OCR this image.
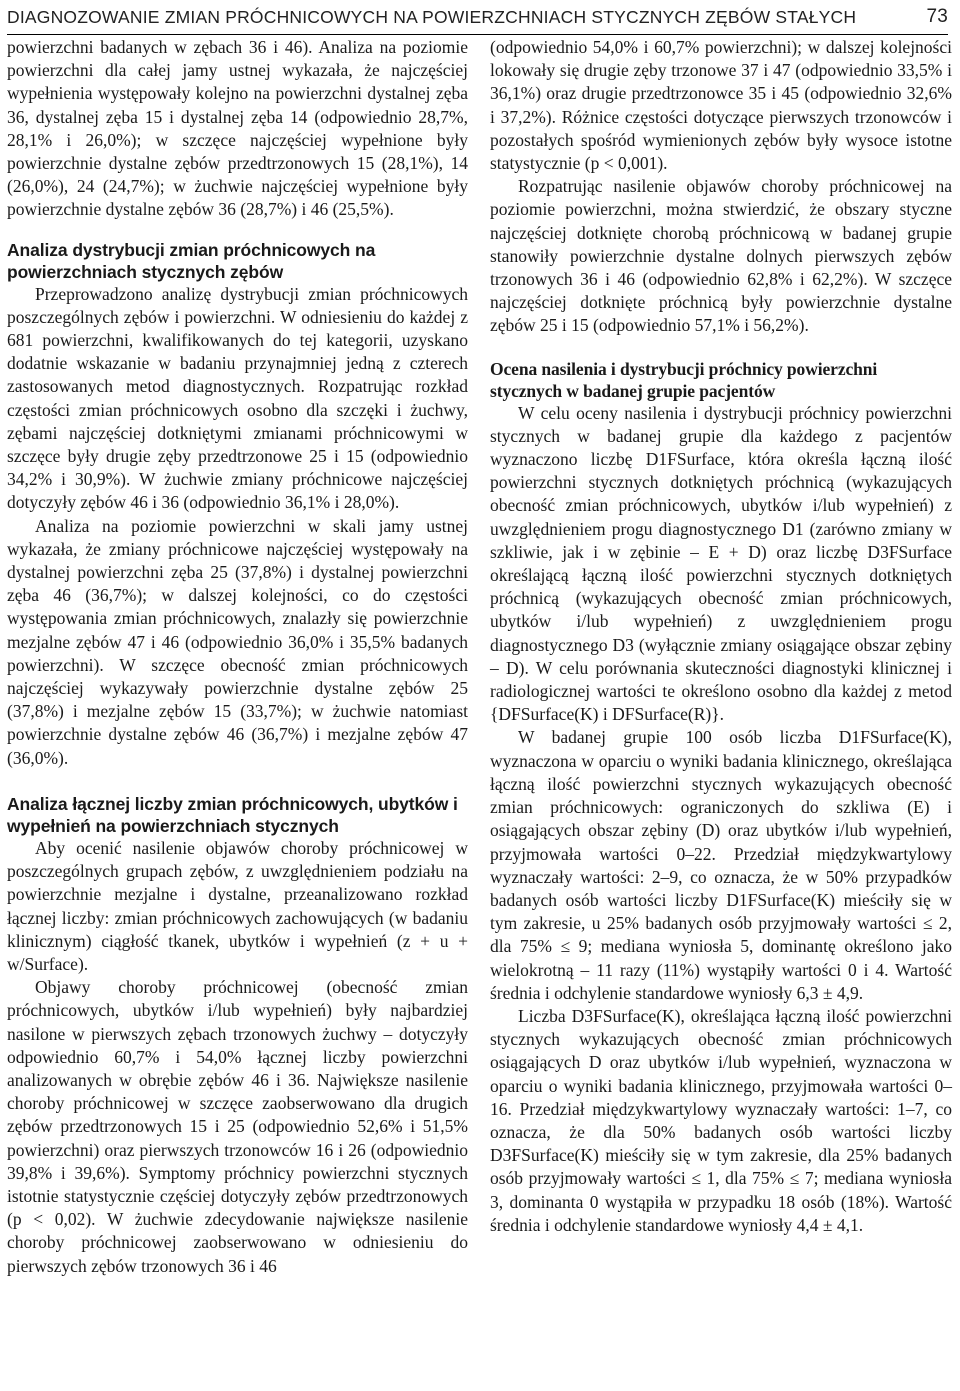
DIAGNOZOWANIE ZMIAN PRÓCHNICOWYCH NA POWIERZCHNIACH STYCZNYCH ZĘBÓW STAŁYCH	73

powierzchni badanych w zębach 36 i 46). Analiza na poziomie powierzchni dla całej jamy ustnej wykazała, że najczęściej wypełnienia występowały kolejno na powierzchni dystalnej zęba 36, dystalnej zęba 15 i dystalnej zęba 14 (odpowiednio 28,7%, 28,1% i 26,0%); w szczęce najczęściej wypełnione były powierzchnie dystalne zębów przedtrzonowych 15 (28,1%), 14 (26,0%), 24 (24,7%); w żuchwie najczęściej wypełnione były powierzchnie dystalne zębów 36 (28,7%) i 46 (25,5%).

Analiza dystrybucji zmian próchnicowych na powierzchniach stycznych zębów

Przeprowadzono analizę dystrybucji zmian próchnicowych poszczególnych zębów i powierzchni. W odniesieniu do każdej z 681 powierzchni, kwalifikowanych do tej kategorii, uzyskano dodatnie wskazanie w badaniu przynajmniej jedną z czterech zastosowanych metod diagnostycznych. Rozpatrując rozkład częstości zmian próchnicowych osobno dla szczęki i żuchwy, zębami najczęściej dotkniętymi zmianami próchnicowymi w szczęce były drugie zęby przedtrzonowe 25 i 15 (odpowiednio 34,2% i 30,9%). W żuchwie zmiany próchnicowe najczęściej dotyczyły zębów 46 i 36 (odpowiednio 36,1% i 28,0%).

Analiza na poziomie powierzchni w skali jamy ustnej wykazała, że zmiany próchnicowe najczęściej występowały na dystalnej powierzchni zęba 25 (37,8%) i dystalnej powierzchni zęba 46 (36,7%); w dalszej kolejności, co do częstości występowania zmian próchnicowych, znalazły się powierzchnie mezjalne zębów 47 i 46 (odpowiednio 36,0% i 35,5% badanych powierzchni). W szczęce obecność zmian próchnicowych najczęściej wykazywały powierzchnie dystalne zębów 25 (37,8%) i mezjalne zębów 15 (33,7%); w żuchwie natomiast powierzchnie dystalne zębów 46 (36,7%) i mezjalne zębów 47 (36,0%).

Analiza łącznej liczby zmian próchnicowych, ubytków i wypełnień na powierzchniach stycznych

Aby ocenić nasilenie objawów choroby próchnicowej w poszczególnych grupach zębów, z uwzględnieniem podziału na powierzchnie mezjalne i dystalne, przeanalizowano rozkład łącznej liczby: zmian próchnicowych zachowujących (w badaniu klinicznym) ciągłość tkanek, ubytków i wypełnień (z + u + w/Surface).

Objawy choroby próchnicowej (obecność zmian próchnicowych, ubytków i/lub wypełnień) były najbardziej nasilone w pierwszych zębach trzonowych żuchwy – dotyczyły odpowiednio 60,7% i 54,0% łącznej liczby powierzchni analizowanych w obrębie zębów 46 i 36. Największe nasilenie choroby próchnicowej w szczęce zaobserwowano dla drugich zębów przedtrzonowych 15 i 25 (odpowiednio 52,6% i 51,5% powierzchni) oraz pierwszych trzonowców 16 i 26 (odpowiednio 39,8% i 39,6%). Symptomy próchnicy powierzchni stycznych istotnie statystycznie częściej dotyczyły zębów przedtrzonowych (p < 0,02). W żuchwie zdecydowanie największe nasilenie choroby próchnicowej zaobserwowano w odniesieniu do pierwszych zębów trzonowych 36 i 46

(odpowiednio 54,0% i 60,7% powierzchni); w dalszej kolejności lokowały się drugie zęby trzonowe 37 i 47 (odpowiednio 33,5% i 36,1%) oraz drugie przedtrzonowce 35 i 45 (odpowiednio 32,6% i 37,2%). Różnice częstości dotyczące pierwszych trzonowców i pozostałych spośród wymienionych zębów były wysoce istotne statystycznie (p < 0,001).

Rozpatrując nasilenie objawów choroby próchnicowej na poziomie powierzchni, można stwierdzić, że obszary styczne najczęściej dotknięte chorobą próchnicową w badanej grupie stanowiły powierzchnie dystalne dolnych pierwszych zębów trzonowych 36 i 46 (odpowiednio 62,8% i 62,2%). W szczęce najczęściej dotknięte próchnicą były powierzchnie dystalne zębów 25 i 15 (odpowiednio 57,1% i 56,2%).

Ocena nasilenia i dystrybucji próchnicy powierzchni stycznych w badanej grupie pacjentów

W celu oceny nasilenia i dystrybucji próchnicy powierzchni stycznych w badanej grupie dla każdego z pacjentów wyznaczono liczbę D1FSurface, która określa łączną ilość powierzchni stycznych dotkniętych próchnicą (wykazujących obecność zmian próchnicowych, ubytków i/lub wypełnień) z uwzględnieniem progu diagnostycznego D1 (zarówno zmiany w szkliwie, jak i w zębinie – E + D) oraz liczbę D3FSurface określającą łączną ilość powierzchni stycznych dotkniętych próchnicą (wykazujących obecność zmian próchnicowych, ubytków i/lub wypełnień) z uwzględnieniem progu diagnostycznego D3 (wyłącznie zmiany osiągające obszar zębiny – D). W celu porównania skuteczności diagnostyki klinicznej i radiologicznej wartości te określono osobno dla każdej z metod {DFSurface(K) i DFSurface(R)}.

W badanej grupie 100 osób liczba D1FSurface(K), wyznaczona w oparciu o wyniki badania klinicznego, określająca łączną ilość powierzchni stycznych wykazujących obecność zmian próchnicowych: ograniczonych do szkliwa (E) i osiągających obszar zębiny (D) oraz ubytków i/lub wypełnień, przyjmowała wartości 0–22. Przedział międzykwartylowy wyznaczały wartości: 2–9, co oznacza, że w 50% przypadków badanych osób wartości liczby D1FSurface(K) mieściły się w tym zakresie, u 25% badanych osób przyjmowały wartości ≤ 2, dla 75% ≤ 9; mediana wyniosła 5, dominantę określono jako wielokrotną – 11 razy (11%) wystąpiły wartości 0 i 4. Wartość średnia i odchylenie standardowe wyniosły 6,3 ± 4,9.

Liczba D3FSurface(K), określająca łączną ilość powierzchni stycznych wykazujących obecność zmian próchnicowych osiągających D oraz ubytków i/lub wypełnień, wyznaczona w oparciu o wyniki badania klinicznego, przyjmowała wartości 0–16. Przedział międzykwartylowy wyznaczały wartości: 1–7, co oznacza, że dla 50% badanych osób wartości liczby D3FSurface(K) mieściły się w tym zakresie, dla 25% badanych osób przyjmowały wartości ≤ 1, dla 75% ≤ 7; mediana wyniosła 3, dominanta 0 wystąpiła w przypadku 18 osób (18%). Wartość średnia i odchylenie standardowe wyniosły 4,4 ± 4,1.
